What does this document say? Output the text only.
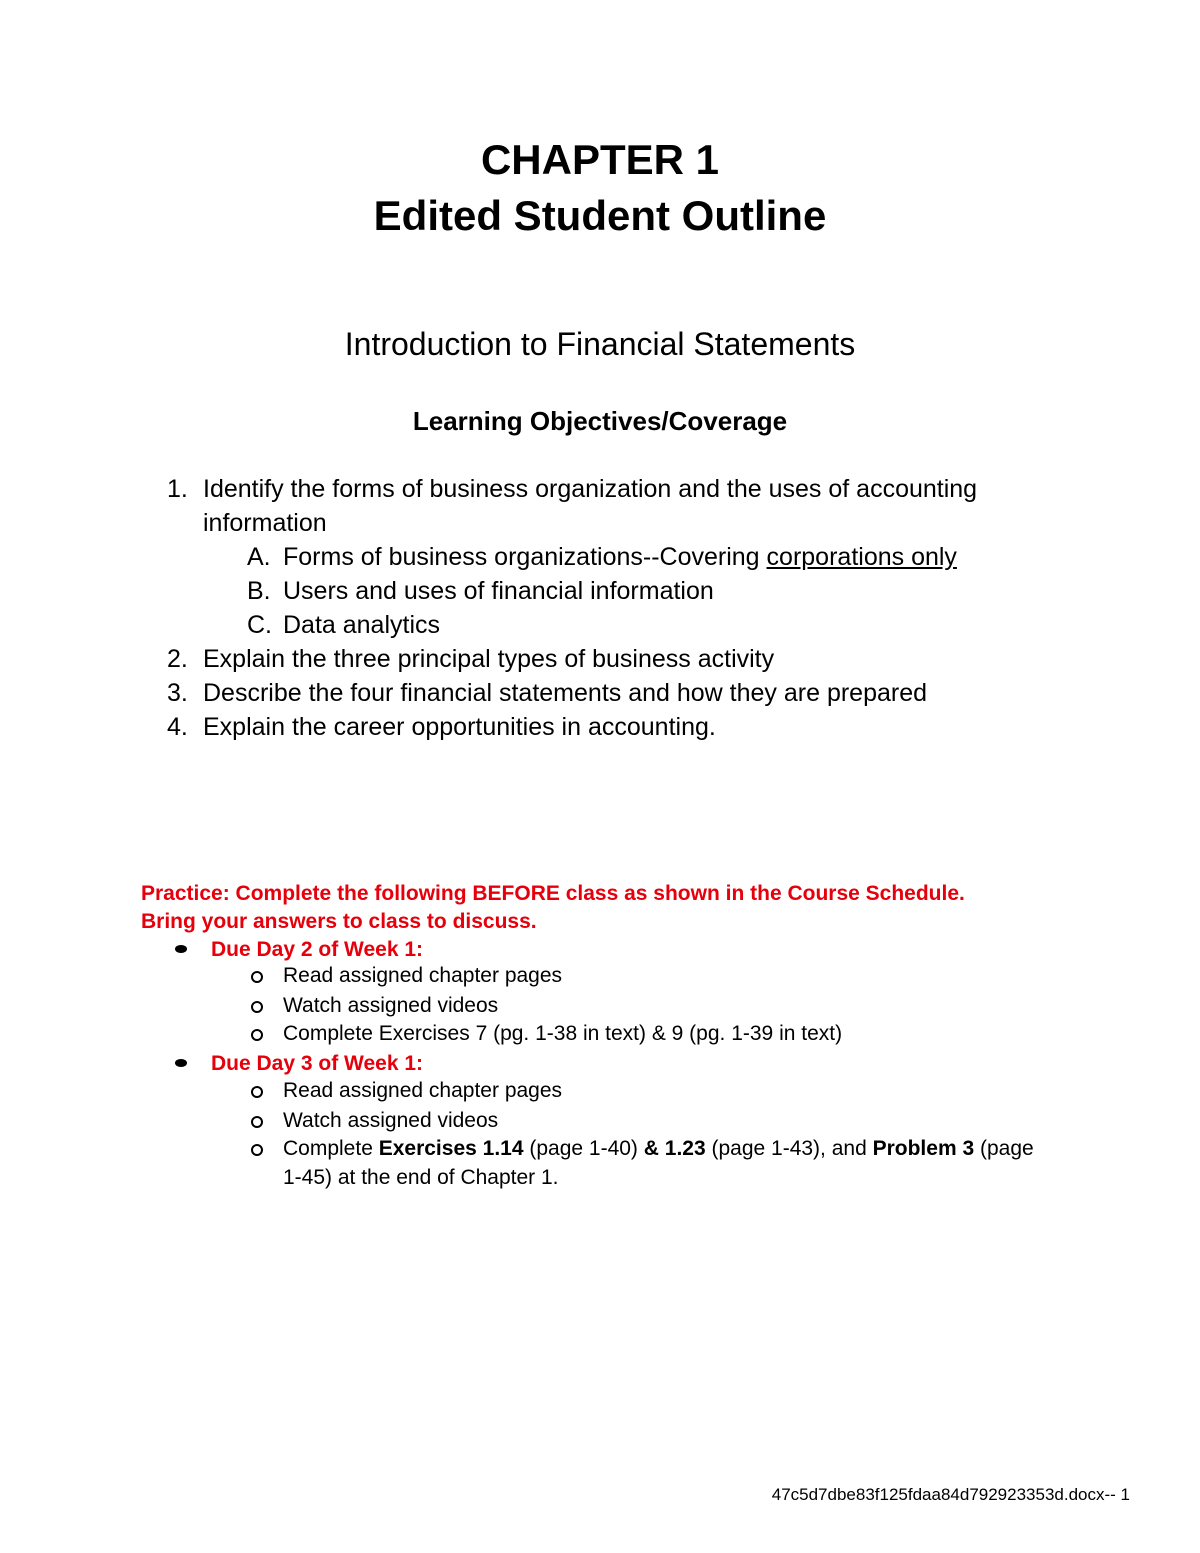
CHAPTER 1
Edited Student Outline
Introduction to Financial Statements
Learning Objectives/Coverage
1. Identify the forms of business organization and the uses of accounting
information
A. Forms of business organizations--Covering corporations only
B. Users and uses of financial information
C. Data analytics
2. Explain the three principal types of business activity
3. Describe the four financial statements and how they are prepared
4. Explain the career opportunities in accounting.
Practice: Complete the following BEFORE class as shown in the Course Schedule.
Bring your answers to class to discuss.
Due Day 2 of Week 1:
Read assigned chapter pages
Watch assigned videos
Complete Exercises 7 (pg. 1-38 in text) & 9 (pg. 1-39 in text)
Due Day 3 of Week 1:
Read assigned chapter pages
Watch assigned videos
Complete Exercises 1.14 (page 1-40) & 1.23 (page 1-43), and Problem 3 (page
1-45) at the end of Chapter 1.
47c5d7dbe83f125fdaa84d792923353d.docx-- 1
